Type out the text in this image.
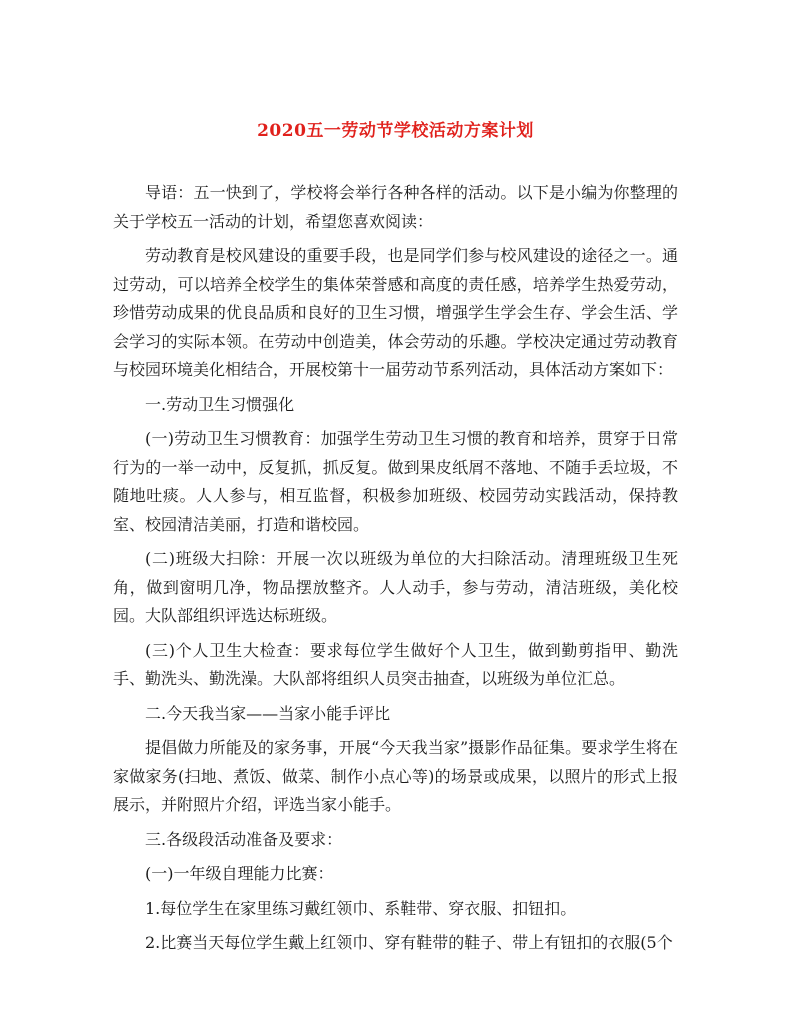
2020五一劳动节学校活动方案计划

导语：五一快到了，学校将会举行各种各样的活动。以下是小编为你整理的关于学校五一活动的计划，希望您喜欢阅读：

劳动教育是校风建设的重要手段，也是同学们参与校风建设的途径之一。通过劳动，可以培养全校学生的集体荣誉感和高度的责任感，培养学生热爱劳动，珍惜劳动成果的优良品质和良好的卫生习惯，增强学生学会生存、学会生活、学会学习的实际本领。在劳动中创造美，体会劳动的乐趣。学校决定通过劳动教育与校园环境美化相结合，开展校第十一届劳动节系列活动，具体活动方案如下：

一.劳动卫生习惯强化

(一)劳动卫生习惯教育：加强学生劳动卫生习惯的教育和培养，贯穿于日常行为的一举一动中，反复抓，抓反复。做到果皮纸屑不落地、不随手丢垃圾，不随地吐痰。人人参与，相互监督，积极参加班级、校园劳动实践活动，保持教室、校园清洁美丽，打造和谐校园。

(二)班级大扫除：开展一次以班级为单位的大扫除活动。清理班级卫生死角，做到窗明几净，物品摆放整齐。人人动手，参与劳动，清洁班级，美化校园。大队部组织评选达标班级。

(三)个人卫生大检查：要求每位学生做好个人卫生，做到勤剪指甲、勤洗手、勤洗头、勤洗澡。大队部将组织人员突击抽查，以班级为单位汇总。

二.今天我当家——当家小能手评比

提倡做力所能及的家务事，开展“今天我当家”摄影作品征集。要求学生将在家做家务(扫地、煮饭、做菜、制作小点心等)的场景或成果，以照片的形式上报展示，并附照片介绍，评选当家小能手。

三.各级段活动准备及要求：

(一)一年级自理能力比赛：

1.每位学生在家里练习戴红领巾、系鞋带、穿衣服、扣钮扣。

2.比赛当天每位学生戴上红领巾、穿有鞋带的鞋子、带上有钮扣的衣服(5个
